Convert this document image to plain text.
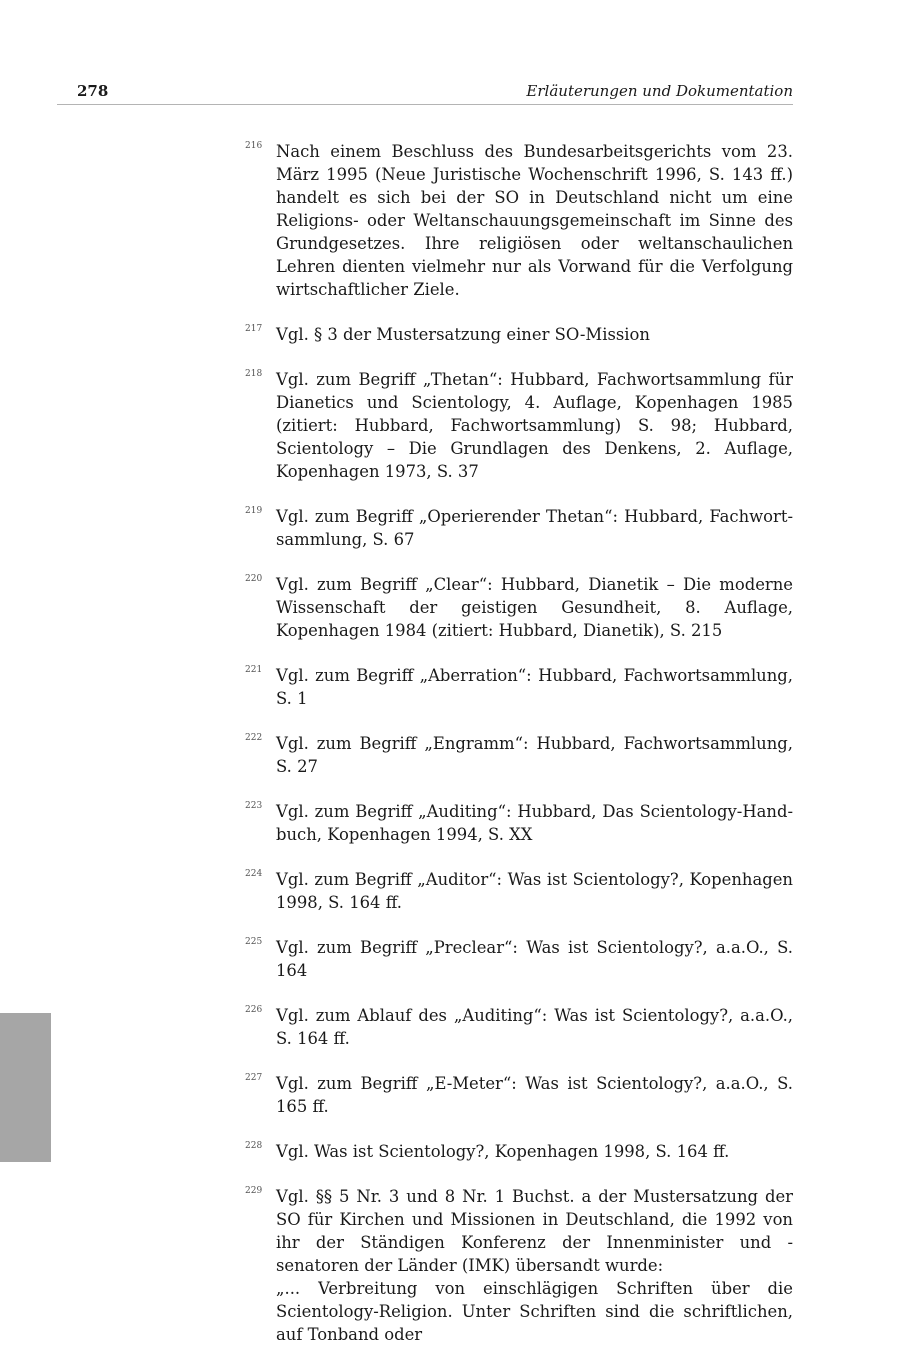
278	Erläuterungen und Dokumentation
216 Nach einem Beschluss des Bundesarbeitsgerichts vom 23. März 1995 (Neue Juristische Wochenschrift 1996, S. 143 ff.) handelt es sich bei der SO in Deutschland nicht um eine Religions- oder Weltanschauungsgemeinschaft im Sinne des Grundgesetzes. Ihre religiösen oder weltanschaulichen Lehren dienten vielmehr nur als Vorwand für die Verfolgung wirtschaftlicher Ziele.
217 Vgl. § 3 der Mustersatzung einer SO-Mission
218 Vgl. zum Begriff „Thetan“: Hubbard, Fachwortsammlung für Dianetics und Scientology, 4. Auflage, Kopenhagen 1985 (zitiert: Hubbard, Fachwortsammlung) S. 98; Hubbard, Scientology – Die Grundlagen des Denkens, 2. Auflage, Kopenhagen 1973, S. 37
219 Vgl. zum Begriff „Operierender Thetan“: Hubbard, Fachwortsammlung, S. 67
220 Vgl. zum Begriff „Clear“: Hubbard, Dianetik – Die moderne Wissenschaft der geistigen Gesundheit, 8. Auflage, Kopenhagen 1984 (zitiert: Hubbard, Dianetik), S. 215
221 Vgl. zum Begriff „Aberration“: Hubbard, Fachwortsammlung, S. 1
222 Vgl. zum Begriff „Engramm“: Hubbard, Fachwortsammlung, S. 27
223 Vgl. zum Begriff „Auditing“: Hubbard, Das Scientology-Handbuch, Kopenhagen 1994, S. XX
224 Vgl. zum Begriff „Auditor“: Was ist Scientology?, Kopenhagen 1998, S. 164 ff.
225 Vgl. zum Begriff „Preclear“: Was ist Scientology?, a.a.O., S. 164
226 Vgl. zum Ablauf des „Auditing“: Was ist Scientology?, a.a.O., S. 164 ff.
227 Vgl. zum Begriff „E-Meter“: Was ist Scientology?, a.a.O., S. 165 ff.
228 Vgl. Was ist Scientology?, Kopenhagen 1998, S. 164 ff.
229 Vgl. §§ 5 Nr. 3 und 8 Nr. 1 Buchst. a der Mustersatzung der SO für Kirchen und Missionen in Deutschland, die 1992 von ihr der Ständigen Konferenz der Innenminister und -senatoren der Länder (IMK) übersandt wurde:
„... Verbreitung von einschlägigen Schriften über die Scientology-Religion. Unter Schriften sind die schriftlichen, auf Tonband oder
